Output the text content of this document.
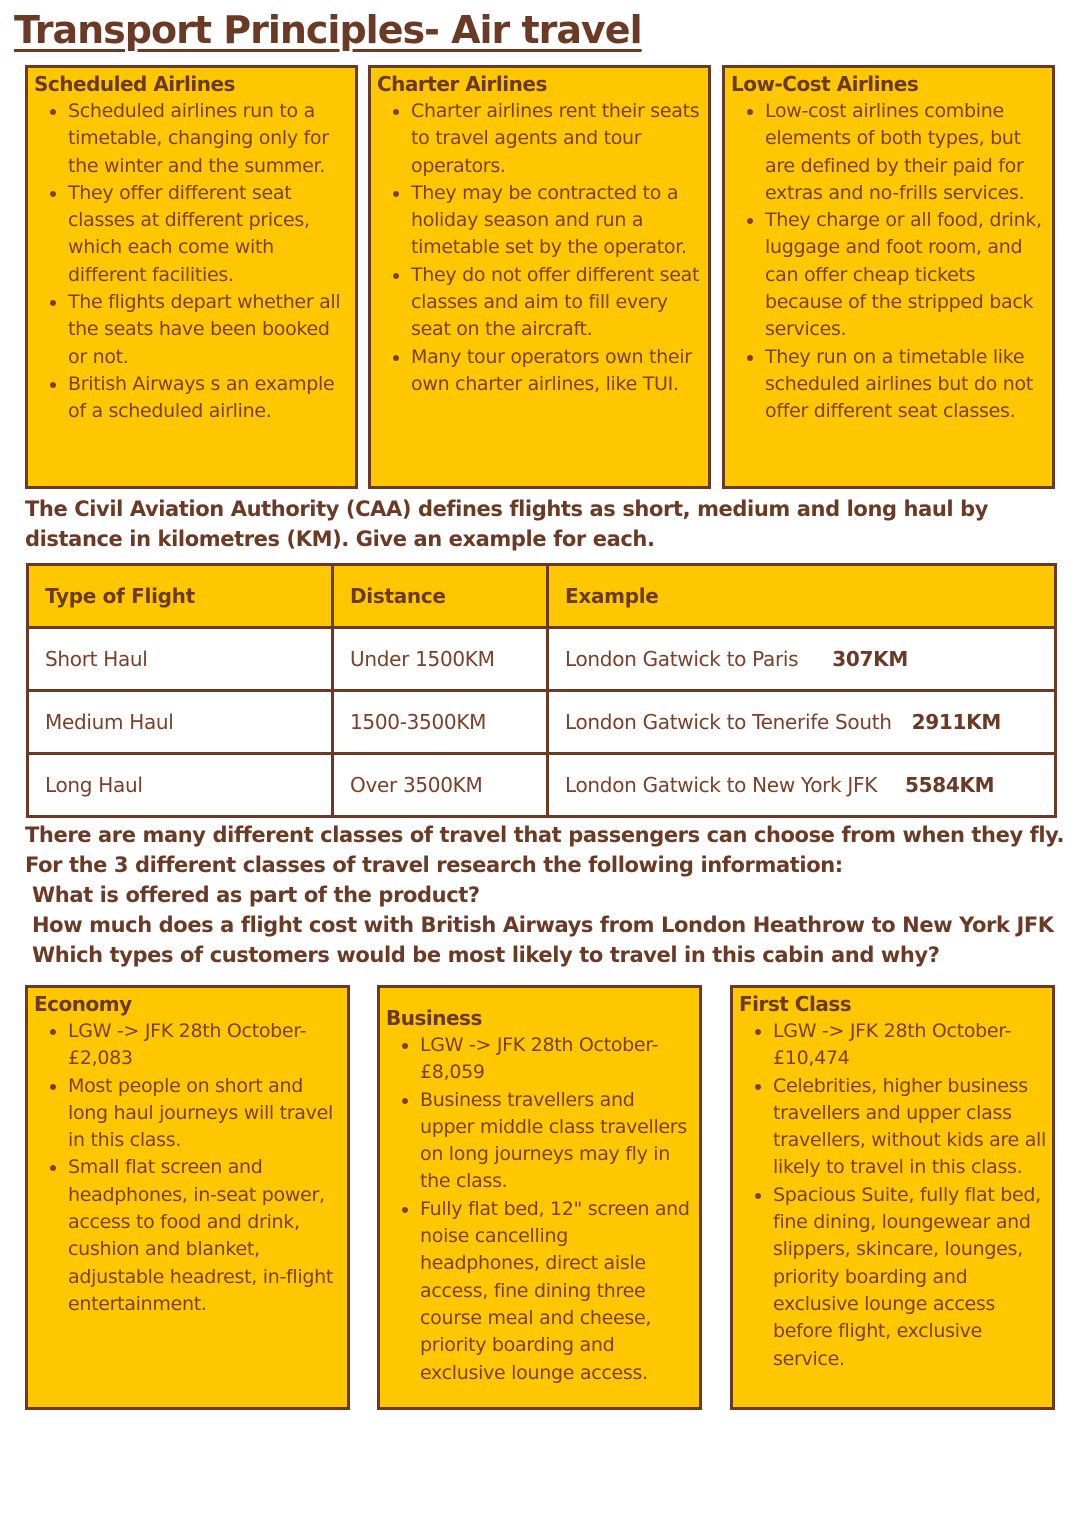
Transport Principles- Air travel
Scheduled Airlines
• Scheduled airlines run to a timetable, changing only for the winter and the summer.
• They offer different seat classes at different prices, which each come with different facilities.
• The flights depart whether all the seats have been booked or not.
• British Airways s an example of a scheduled airline.
Charter Airlines
• Charter airlines rent their seats to travel agents and tour operators.
• They may be contracted to a holiday season and run a timetable set by the operator.
• They do not offer different seat classes and aim to fill every seat on the aircraft.
• Many tour operators own their own charter airlines, like TUI.
Low-Cost Airlines
• Low-cost airlines combine elements of both types, but are defined by their paid for extras and no-frills services.
• They charge or all food, drink, luggage and foot room, and can offer cheap tickets because of the stripped back services.
• They run on a timetable like scheduled airlines but do not offer different seat classes.
The Civil Aviation Authority (CAA) defines flights as short, medium and long haul by distance in kilometres (KM). Give an example for each.
Type of Flight	Distance	Example
Short Haul	Under 1500KM	London Gatwick to Paris 307KM
Medium Haul	1500-3500KM	London Gatwick to Tenerife South 2911KM
Long Haul	Over 3500KM	London Gatwick to New York JFK 5584KM
There are many different classes of travel that passengers can choose from when they fly.
For the 3 different classes of travel research the following information:
What is offered as part of the product?
How much does a flight cost with British Airways from London Heathrow to New York JFK
Which types of customers would be most likely to travel in this cabin and why?
Economy
• LGW -> JFK 28th October- £2,083
• Most people on short and long haul journeys will travel in this class.
• Small flat screen and headphones, in-seat power, access to food and drink, cushion and blanket, adjustable headrest, in-flight entertainment.
Business
• LGW -> JFK 28th October- £8,059
• Business travellers and upper middle class travellers on long journeys may fly in the class.
• Fully flat bed, 12" screen and noise cancelling headphones, direct aisle access, fine dining three course meal and cheese, priority boarding and exclusive lounge access.
First Class
• LGW -> JFK 28th October- £10,474
• Celebrities, higher business travellers and upper class travellers, without kids are all likely to travel in this class.
• Spacious Suite, fully flat bed, fine dining, loungewear and slippers, skincare, lounges, priority boarding and exclusive lounge access before flight, exclusive service.
